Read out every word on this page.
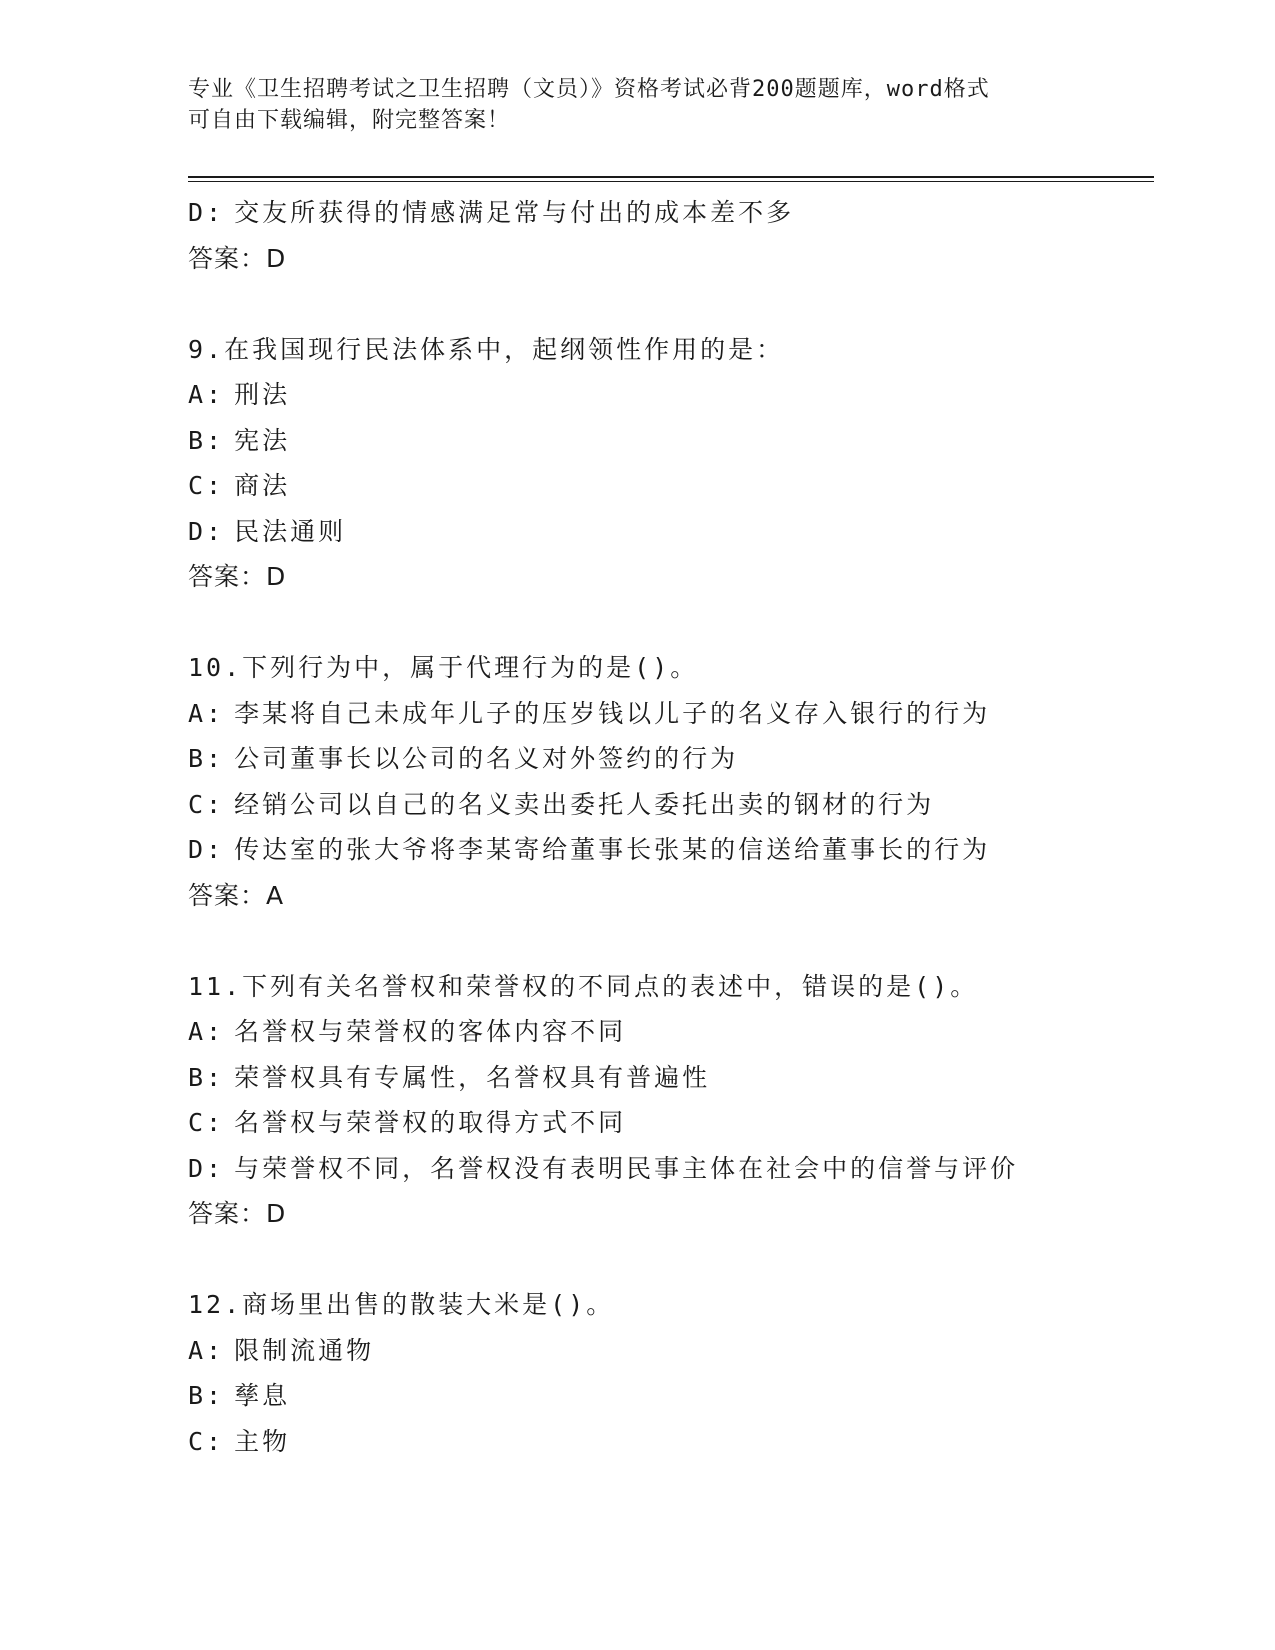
专业《卫生招聘考试之卫生招聘（文员）》资格考试必背200题题库，word格式
可自由下载编辑，附完整答案！
D: 交友所获得的情感满足常与付出的成本差不多
答案：D
9.在我国现行民法体系中，起纲领性作用的是：
A: 刑法
B: 宪法
C: 商法
D: 民法通则
答案：D
10.下列行为中，属于代理行为的是()。
A: 李某将自己未成年儿子的压岁钱以儿子的名义存入银行的行为
B: 公司董事长以公司的名义对外签约的行为
C: 经销公司以自己的名义卖出委托人委托出卖的钢材的行为
D: 传达室的张大爷将李某寄给董事长张某的信送给董事长的行为
答案：A
11.下列有关名誉权和荣誉权的不同点的表述中，错误的是()。
A: 名誉权与荣誉权的客体内容不同
B: 荣誉权具有专属性，名誉权具有普遍性
C: 名誉权与荣誉权的取得方式不同
D: 与荣誉权不同，名誉权没有表明民事主体在社会中的信誉与评价
答案：D
12.商场里出售的散装大米是()。
A: 限制流通物
B: 孳息
C: 主物
